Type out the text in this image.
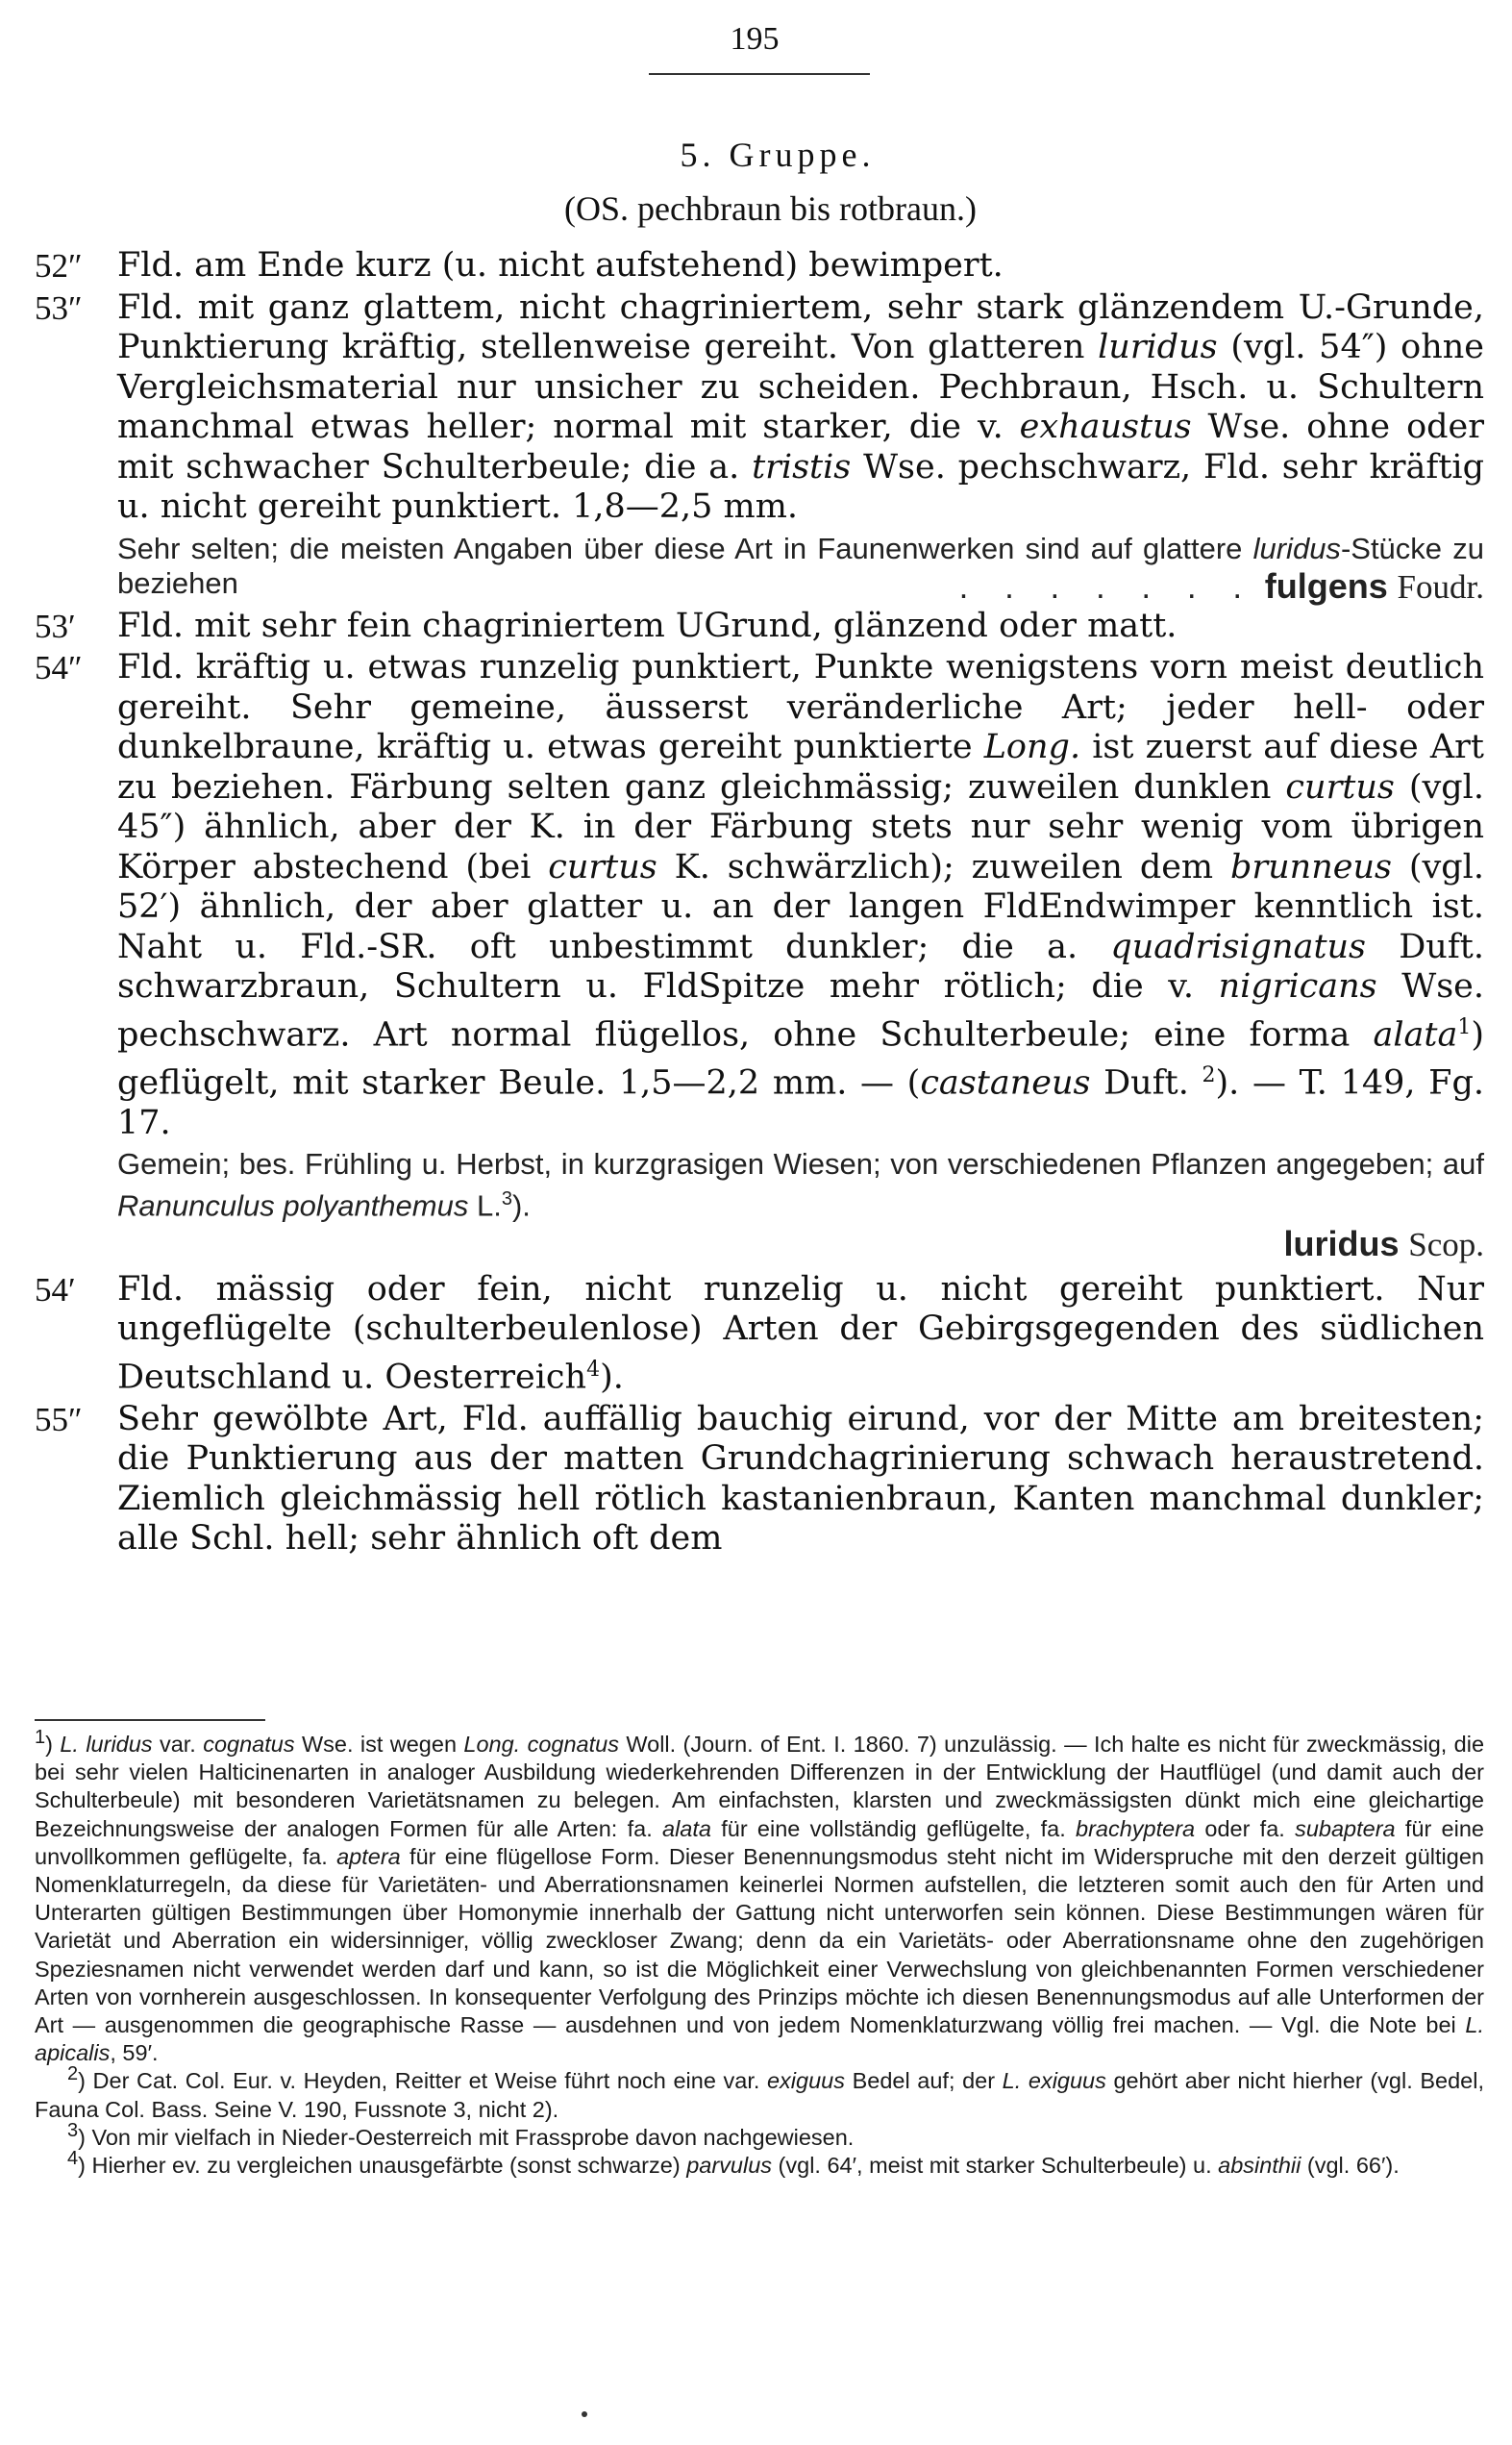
195
5. Gruppe.
(OS. pechbraun bis rotbraun.)
52″ Fld. am Ende kurz (u. nicht aufstehend) bewimpert.
53″ Fld. mit ganz glattem, nicht chagriniertem, sehr stark glänzendem U.-Grunde, Punktierung kräftig, stellenweise gereiht. Von glatteren luridus (vgl. 54″) ohne Vergleichsmaterial nur unsicher zu scheiden. Pechbraun, Hsch. u. Schultern manchmal etwas heller; normal mit starker, die v. exhaustus Wse. ohne oder mit schwacher Schulterbeule; die a. tristis Wse. pechschwarz, Fld. sehr kräftig u. nicht gereiht punktiert. 1,8—2,5 mm.
Sehr selten; die meisten Angaben über diese Art in Faunenwerken sind auf glattere luridus-Stücke zu beziehen	. . . . . . . fulgens Foudr.
53′ Fld. mit sehr fein chagriniertem UGrund, glänzend oder matt.
54″ Fld. kräftig u. etwas runzelig punktiert, Punkte wenigstens vorn meist deutlich gereiht. Sehr gemeine, äusserst veränderliche Art; jeder hell- oder dunkelbraune, kräftig u. etwas gereiht punktierte Long. ist zuerst auf diese Art zu beziehen. Färbung selten ganz gleichmässig; zuweilen dunklen curtus (vgl. 45″) ähnlich, aber der K. in der Färbung stets nur sehr wenig vom übrigen Körper abstechend (bei curtus K. schwärzlich); zuweilen dem brunneus (vgl. 52′) ähnlich, der aber glatter u. an der langen FldEndwimper kenntlich ist. Naht u. Fld.-SR. oft unbestimmt dunkler; die a. quadrisignatus Duft. schwarzbraun, Schultern u. FldSpitze mehr rötlich; die v. nigricans Wse. pechschwarz. Art normal flügellos, ohne Schulterbeule; eine forma alata$^1$) geflügelt, mit starker Beule. 1,5—2,2 mm. — (castaneus Duft. $^2$). — T. 149, Fg. 17.
Gemein; bes. Frühling u. Herbst, in kurzgrasigen Wiesen; von verschiedenen Pflanzen angegeben; auf Ranunculus polyanthemus L.$^3$).
luridus Scop.
54′ Fld. mässig oder fein, nicht runzelig u. nicht gereiht punktiert. Nur ungeflügelte (schulterbeulenlose) Arten der Gebirgsgegenden des südlichen Deutschland u. Oesterreich$^4$).
55″ Sehr gewölbte Art, Fld. auffällig bauchig eirund, vor der Mitte am breitesten; die Punktierung aus der matten Grundchagrinierung schwach heraustretend. Ziemlich gleichmässig hell rötlich kastanienbraun, Kanten manchmal dunkler; alle Schl. hell; sehr ähnlich oft dem

1) L. luridus var. cognatus Wse. ist wegen Long. cognatus Woll. (Journ. of Ent. I. 1860. 7) unzulässig. — Ich halte es nicht für zweckmässig, die bei sehr vielen Halticinenarten in analoger Ausbildung wiederkehrenden Differenzen in der Entwicklung der Hautflügel (und damit auch der Schulterbeule) mit besonderen Varietätsnamen zu belegen. Am einfachsten, klarsten und zweckmässigsten dünkt mich eine gleichartige Bezeichnungsweise der analogen Formen für alle Arten: fa. alata für eine vollständig geflügelte, fa. brachyptera oder fa. subaptera für eine unvollkommen geflügelte, fa. aptera für eine flügellose Form. Dieser Benennungsmodus steht nicht im Widerspruche mit den derzeit gültigen Nomenklaturregeln, da diese für Varietäten- und Aberrationsnamen keinerlei Normen aufstellen, die letzteren somit auch den für Arten und Unterarten gültigen Bestimmungen über Homonymie innerhalb der Gattung nicht unterworfen sein können. Diese Bestimmungen wären für Varietät und Aberration ein widersinniger, völlig zweckloser Zwang; denn da ein Varietäts- oder Aberrationsname ohne den zugehörigen Speziesnamen nicht verwendet werden darf und kann, so ist die Möglichkeit einer Verwechslung von gleichbenannten Formen verschiedener Arten von vornherein ausgeschlossen. In konsequenter Verfolgung des Prinzips möchte ich diesen Benennungsmodus auf alle Unterformen der Art — ausgenommen die geographische Rasse — ausdehnen und von jedem Nomenklaturzwang völlig frei machen. — Vgl. die Note bei L. apicalis, 59′.

2) Der Cat. Col. Eur. v. Heyden, Reitter et Weise führt noch eine var. exiguus Bedel auf; der L. exiguus gehört aber nicht hierher (vgl. Bedel, Fauna Col. Bass. Seine V. 190, Fussnote 3, nicht 2).

3) Von mir vielfach in Nieder-Oesterreich mit Frassprobe davon nachgewiesen.

4) Hierher ev. zu vergleichen unausgefärbte (sonst schwarze) parvulus (vgl. 64′, meist mit starker Schulterbeule) u. absinthii (vgl. 66′).
